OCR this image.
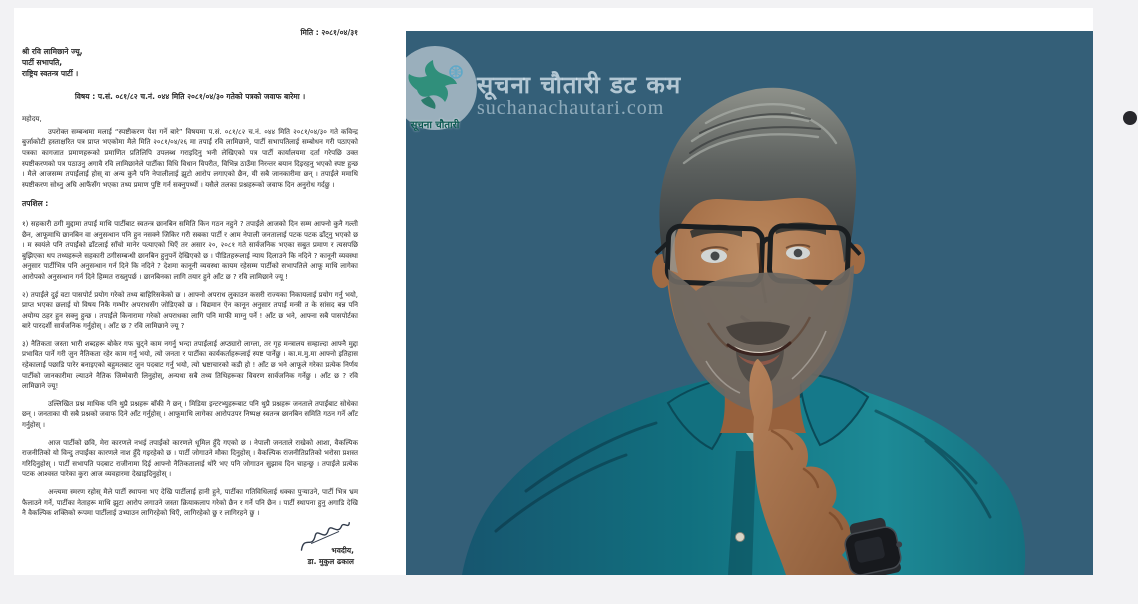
मिति : २०८१/०४/३१
श्री रवि लामिछाने ज्यू,
पार्टी सभापति,
राष्ट्रिय स्वतन्त्र पार्टी ।
विषय : प.सं. ०८१/८२ च.नं. ०४४ मिति २०८१/०४/३० गतेको पत्रको जवाफ बारेमा ।
महोदय,

उपरोक्त सम्बन्धमा मलाई “स्पष्टीकरण पेश गर्ने बारे” विषयमा प.सं. ०८१/८२ च.नं. ०४४ मिति २०८१/०४/३० गते कविन्द्र बुर्जाकोटी हस्ताक्षरित पत्र प्राप्त भएकोमा मैले मिति २०८१/०४/२६ मा तपाईं रवि लामिछाने, पार्टी सभापतिलाई सम्बोधन गरी पठाएको पत्रका कागजात प्रमाणहरूको प्रमाणित प्रतिलिपि उपलब्ध गराइदिनु भनी लेखिएको पत्र पार्टी कार्यालयमा दर्ता गरेपछि उक्त स्पष्टीकरणको पत्र पठाउनु अगावै रवि लामिछानेले पार्टीका विधि विधान विपरीत, विभिन्न ठाउँमा निरन्तर बयान दिइरहनु भएको स्पष्ट हुन्छ । मैले आजसम्म तपाईंलाई होस् वा अन्य कुनै पनि नेपालीलाई झुटो आरोप लगाएको छैन, यी सबै जानकारीमा छन् । तपाईंले ममाथि स्पष्टीकरण सोध्नु अघि आफैंसँग भएका तथ्य प्रमाण पुष्टि गर्न सक्नुपर्थ्यो । यसैले तलका प्रश्नहरूको जवाफ दिन अनुरोध गर्दछु ।

तपशिल :

१) सहकारी ठगी मुद्दामा तपाईं माथि पार्टीबाट स्वतन्त्र छानबिन समिति किन गठन नहुने ? तपाईंले आजको दिन सम्म आफ्नो कुनै गल्ती छैन, आफूमाथि छानबिन वा अनुसन्धान पनि हुन नसक्ने जिकिर गरी सबका पार्टी र आम नेपाली जनतालाई पटक पटक ढाँट्नु भएको छ । म स्वयंले पनि तपाईंको ढाँटलाई साँचो मानेर पत्याएको थिएँ तर असार २०, २०८१ गते सार्वजनिक भएका सबुत प्रमाण र त्यसपछि बुझिएका थप तथ्यहरूले सहकारी ठगीसम्बन्धी छानबिन हुनुपर्ने देखिएको छ । पीडितहरूलाई न्याय दिलाउने कि नदिने ? कानूनी व्यवस्था अनुसार पार्टीभित्र पनि अनुसन्धान गर्न दिने कि नदिने ? देशमा कानूनी व्यवस्था कायम रहेसम्म पार्टीको सभापतिले आफू माथि लागेका आरोपको अनुसन्धान गर्न दिने हिम्मत राख्नुपर्छ । छानबिनका लागि तयार हुने आँट छ ? रवि लामिछाने ज्यू !

२) तपाईंले दुई वटा पासपोर्ट प्रयोग गरेको तथ्य बाहिरिसकेको छ । आफ्नो अपराध लुकाउन कसरी राज्यका निकायलाई प्रयोग गर्नु भयो, प्राप्त भएका छलाई यो विषय निकै गम्भीर अपराधसँग जोडिएको छ । विद्यमान ऐन कानून अनुसार तपाईं मन्त्री त के सांसद बन्न पनि अयोग्य ठहर हुन सक्नु हुन्छ । तपाईंले किनारामा गरेको अपराधका लागि पनि माफी माग्नु पर्ने ! आँट छ भने, आफ्ना सबै पासपोर्टका बारे पारदर्शी सार्वजनिक गर्नुहोस् । आँट छ ? रवि लामिछाने ज्यू ?

३) नैतिकता जस्ता भारी शब्दहरू बोकेर गफ चुट्ने काम नगर्नु भन्दा तपाईंलाई अप्ठ्यारो लाग्ला, तर गृह मन्त्रालय सम्हाल्दा आफ्नै मुद्दा प्रभावित पार्ने गरी जुन नैतिकता रहेर काम गर्नु भयो, त्यो जनता र पार्टीका कार्यकर्ताहरूलाई स्पष्ट पार्नेछु । का.म.मु.मा आफ्नो इतिहास रहेकालाई पछाडि पारेर बनाइएको बहुमतबाट जुन पदबाट गर्नु भयो, त्यो भ्रष्टाचारको कडी हो ! आँट छ भने आफूले गरेका प्रत्येक निर्णय पार्टीको जानकारीमा ल्याउने नैतिक जिम्मेवारी लिनुहोस्, अन्यथा सबै तथ्य तिथिहरूका विवरण सार्वजनिक गर्नेछु । आँट छ ? रवि लामिछाने ज्यू!

उल्लिखित प्रश्न माथिक पनि थुप्रै प्रश्नहरू बाँकी नै छन् । मिडिया इन्टरभ्युहरूबाट पनि थुप्रै प्रश्नहरू जनताले तपाईंबाट सोधेका छन् । जनताका यी सबै प्रश्नको जवाफ दिने आँट गर्नुहोस् । आफूमाथि लागेका आरोपउपर निष्पक्ष स्वतन्त्र छानबिन समिति गठन गर्ने आँट गर्नुहोस् ।

आज पार्टीको छवि, मेरा कारणले नभई तपाईंको कारणले धूमिल हुँदै गएको छ । नेपाली जनताले राखेको आशा, वैकल्पिक राजनीतिको यो विन्दु तपाईंका कारणले नाश हुँदै गइरहेको छ । पार्टी जोगाउने मौका दिनुहोस् । वैकल्पिक राजनीतिप्रतिको भरोसा प्रशस्त गरिदिनुहोस् । पार्टी सभापति पदबाट राजीनामा दिई आफ्नो नैतिकतालाई थोरै भए पनि जोगाउन सुझाव दिन चाहन्छु । तपाईंले प्रत्येक पटक आश्वस्त पारेका कुरा आज व्यवहारमा देखाइदिनुहोस् ।

अन्त्यमा स्मरण रहोस् मैले पार्टी स्थापना भए देखि पार्टीलाई हानी हुने, पार्टीका गतिविधिलाई धक्का पुऱ्याउने, पार्टी भित्र भ्रम फैलाउने गर्ने, पार्टीका नेताहरू माथि झुटा आरोप लगाउने जस्ता क्रियाकलाप गरेको छैन र गर्ने पनि छैन । पार्टी स्थापना हुनु अगाडि देखि नै वैकल्पिक शक्तिको रूपमा पार्टीलाई उभ्याउन लागिरहेको थिएँ, लागिरहेको छु र लागिरहने छु ।

भवदीय,
डा. मुकुल ढकाल
सूचना चौतारी
सूचना चौतारी डट कम
suchanachautari.com
